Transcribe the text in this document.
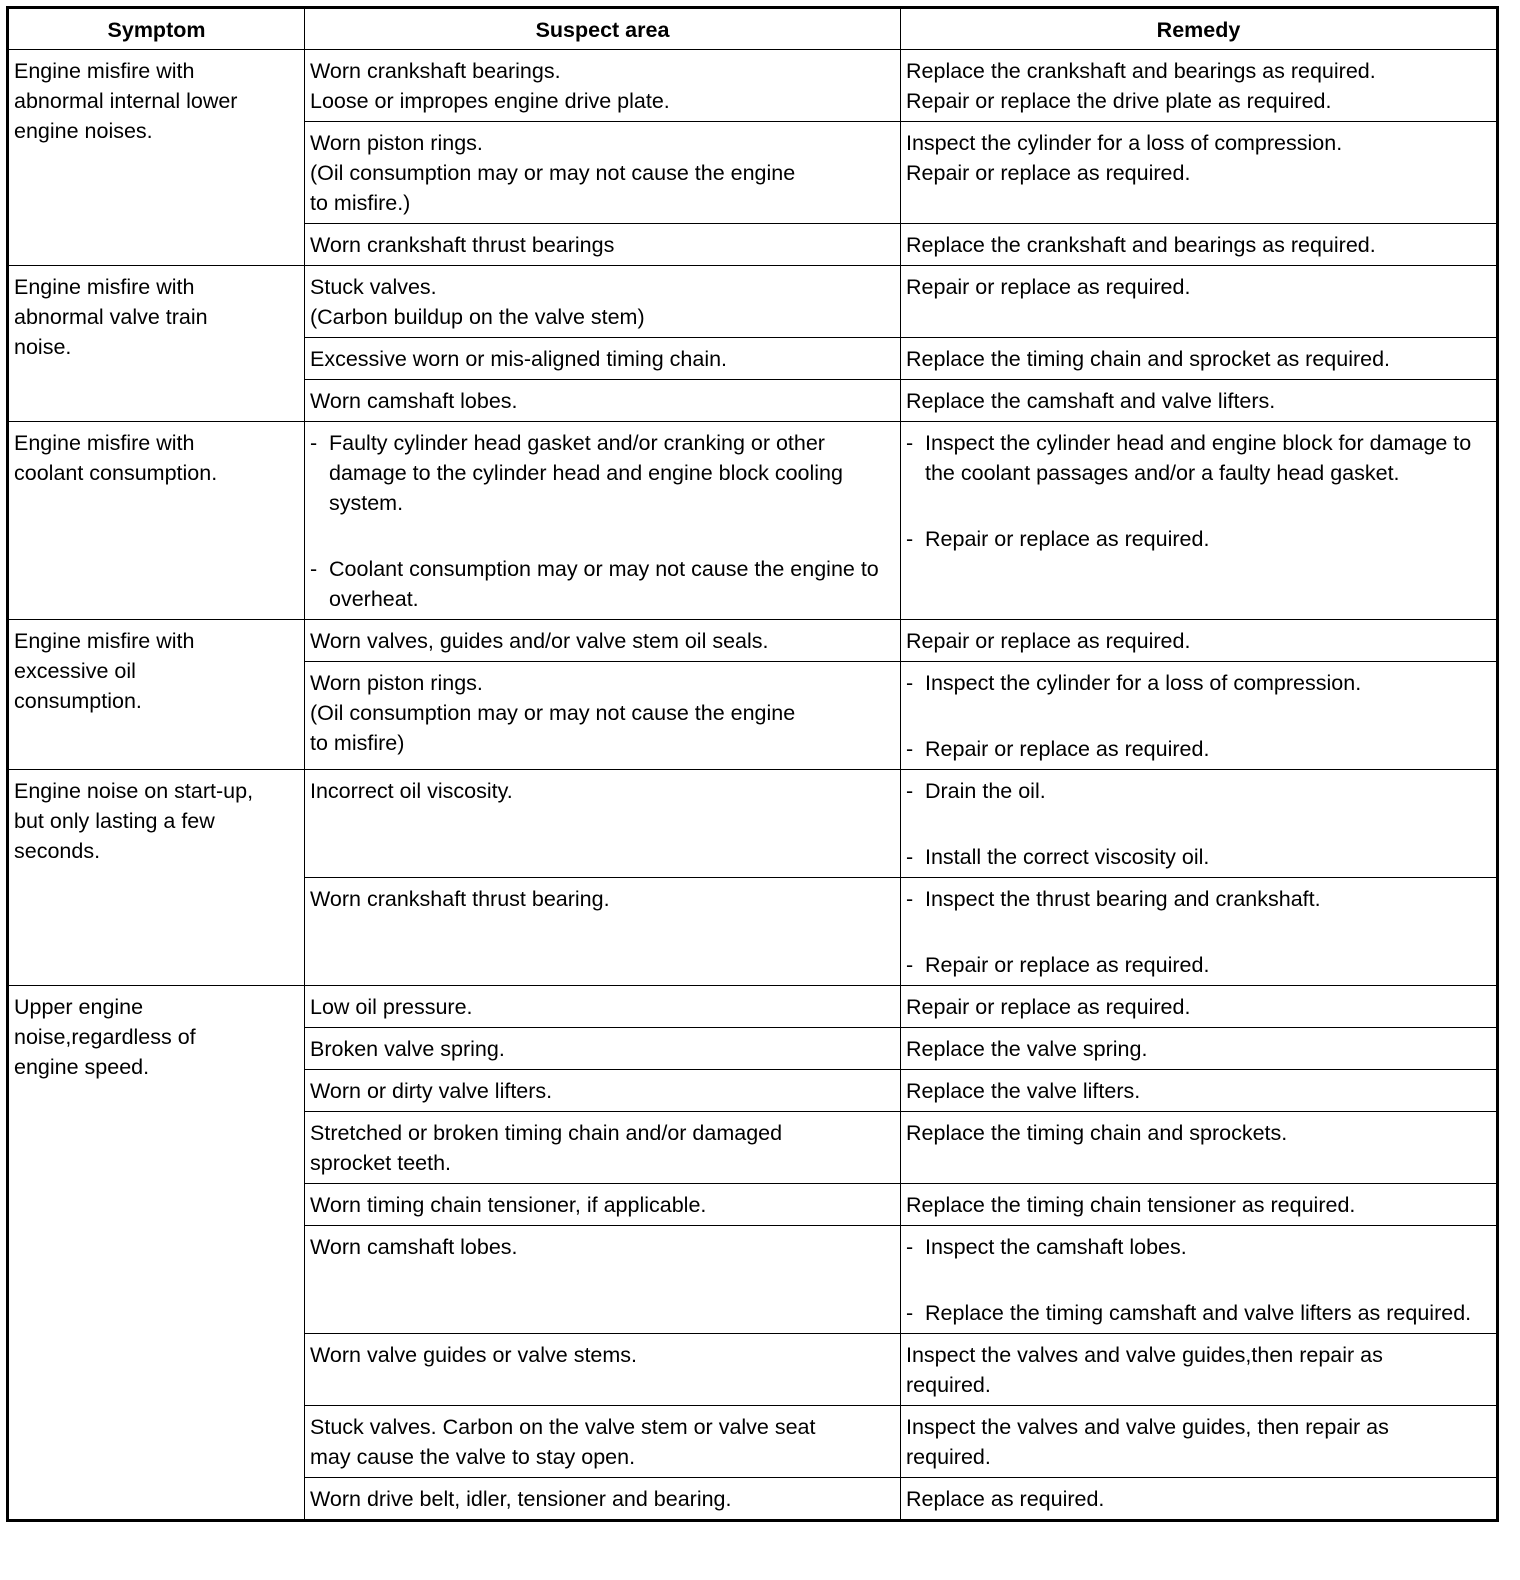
Symptom	Suspect area	Remedy

Engine misfire with
abnormal internal lower
engine noises.	Worn crankshaft bearings.
Loose or impropes engine drive plate.	Replace the crankshaft and bearings as required.
Repair or replace the drive plate as required.

	Worn piston rings.
(Oil consumption may or may not cause the engine
to misfire.)	Inspect the cylinder for a loss of compression.
Repair or replace as required.

	Worn crankshaft thrust bearings	Replace the crankshaft and bearings as required.

Engine misfire with
abnormal valve train
noise.	Stuck valves.
(Carbon buildup on the valve stem)	Repair or replace as required.

	Excessive worn or mis-aligned timing chain.	Replace the timing chain and sprocket as required.

	Worn camshaft lobes.	Replace the camshaft and valve lifters.

Engine misfire with
coolant consumption.	- Faulty cylinder head gasket and/or cranking or other damage to the cylinder head and engine block cooling system.
- Coolant consumption may or may not cause the engine to overheat.	- Inspect the cylinder head and engine block for damage to the coolant passages and/or a faulty head gasket.
- Repair or replace as required.

Engine misfire with
excessive oil
consumption.	Worn valves, guides and/or valve stem oil seals.	Repair or replace as required.

	Worn piston rings.
(Oil consumption may or may not cause the engine
to misfire)	- Inspect the cylinder for a loss of compression.
- Repair or replace as required.

Engine noise on start-up,
but only lasting a few
seconds.	Incorrect oil viscosity.	- Drain the oil.
- Install the correct viscosity oil.

	Worn crankshaft thrust bearing.	- Inspect the thrust bearing and crankshaft.
- Repair or replace as required.

Upper engine
noise,regardless of
engine speed.	Low oil pressure.	Repair or replace as required.

	Broken valve spring.	Replace the valve spring.

	Worn or dirty valve lifters.	Replace the valve lifters.

	Stretched or broken timing chain and/or damaged
sprocket teeth.	Replace the timing chain and sprockets.

	Worn timing chain tensioner, if applicable.	Replace the timing chain tensioner as required.

	Worn camshaft lobes.	- Inspect the camshaft lobes.
- Replace the timing camshaft and valve lifters as required.

	Worn valve guides or valve stems.	Inspect the valves and valve guides,then repair as
required.

	Stuck valves. Carbon on the valve stem or valve seat
may cause the valve to stay open.	Inspect the valves and valve guides, then repair as
required.

	Worn drive belt, idler, tensioner and bearing.	Replace as required.
